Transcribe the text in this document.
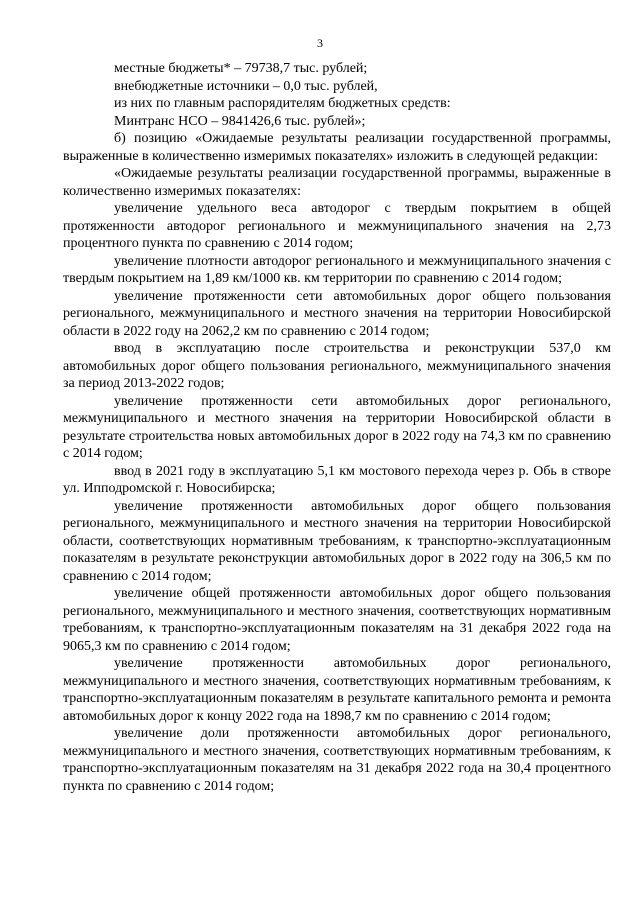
3

местные бюджеты* – 79738,7 тыс. рублей;

внебюджетные источники – 0,0 тыс. рублей,

из них по главным распорядителям бюджетных средств:

Минтранс НСО – 9841426,6 тыс. рублей»;

б) позицию «Ожидаемые результаты реализации государственной программы, выраженные в количественно измеримых показателях» изложить в следующей редакции:

«Ожидаемые результаты реализации государственной программы, выраженные в количественно измеримых показателях:

увеличение удельного веса автодорог с твердым покрытием в общей протяженности автодорог регионального и межмуниципального значения на 2,73 процентного пункта по сравнению с 2014 годом;

увеличение плотности автодорог регионального и межмуниципального значения с твердым покрытием на 1,89 км/1000 кв. км территории по сравнению с 2014 годом;

увеличение протяженности сети автомобильных дорог общего пользования регионального, межмуниципального и местного значения на территории Новосибирской области в 2022 году на 2062,2 км по сравнению с 2014 годом;

ввод в эксплуатацию после строительства и реконструкции 537,0 км автомобильных дорог общего пользования регионального, межмуниципального значения за период 2013-2022 годов;

увеличение протяженности сети автомобильных дорог регионального, межмуниципального и местного значения на территории Новосибирской области в результате строительства новых автомобильных дорог в 2022 году на 74,3 км по сравнению с 2014 годом;

ввод в 2021 году в эксплуатацию 5,1 км мостового перехода через р. Обь в створе ул. Ипподромской г. Новосибирска;

увеличение протяженности автомобильных дорог общего пользования регионального, межмуниципального и местного значения на территории Новосибирской области, соответствующих нормативным требованиям, к транспортно-эксплуатационным показателям в результате реконструкции автомобильных дорог в 2022 году на 306,5 км по сравнению с 2014 годом;

увеличение общей протяженности автомобильных дорог общего пользования регионального, межмуниципального и местного значения, соответствующих нормативным требованиям, к транспортно-эксплуатационным показателям на 31 декабря 2022 года на 9065,3 км по сравнению с 2014 годом;

увеличение протяженности автомобильных дорог регионального, межмуниципального и местного значения, соответствующих нормативным требованиям, к транспортно-эксплуатационным показателям в результате капитального ремонта и ремонта автомобильных дорог к концу 2022 года на 1898,7 км по сравнению с 2014 годом;

увеличение доли протяженности автомобильных дорог регионального, межмуниципального и местного значения, соответствующих нормативным требованиям, к транспортно-эксплуатационным показателям на 31 декабря 2022 года на 30,4 процентного пункта по сравнению с 2014 годом;
